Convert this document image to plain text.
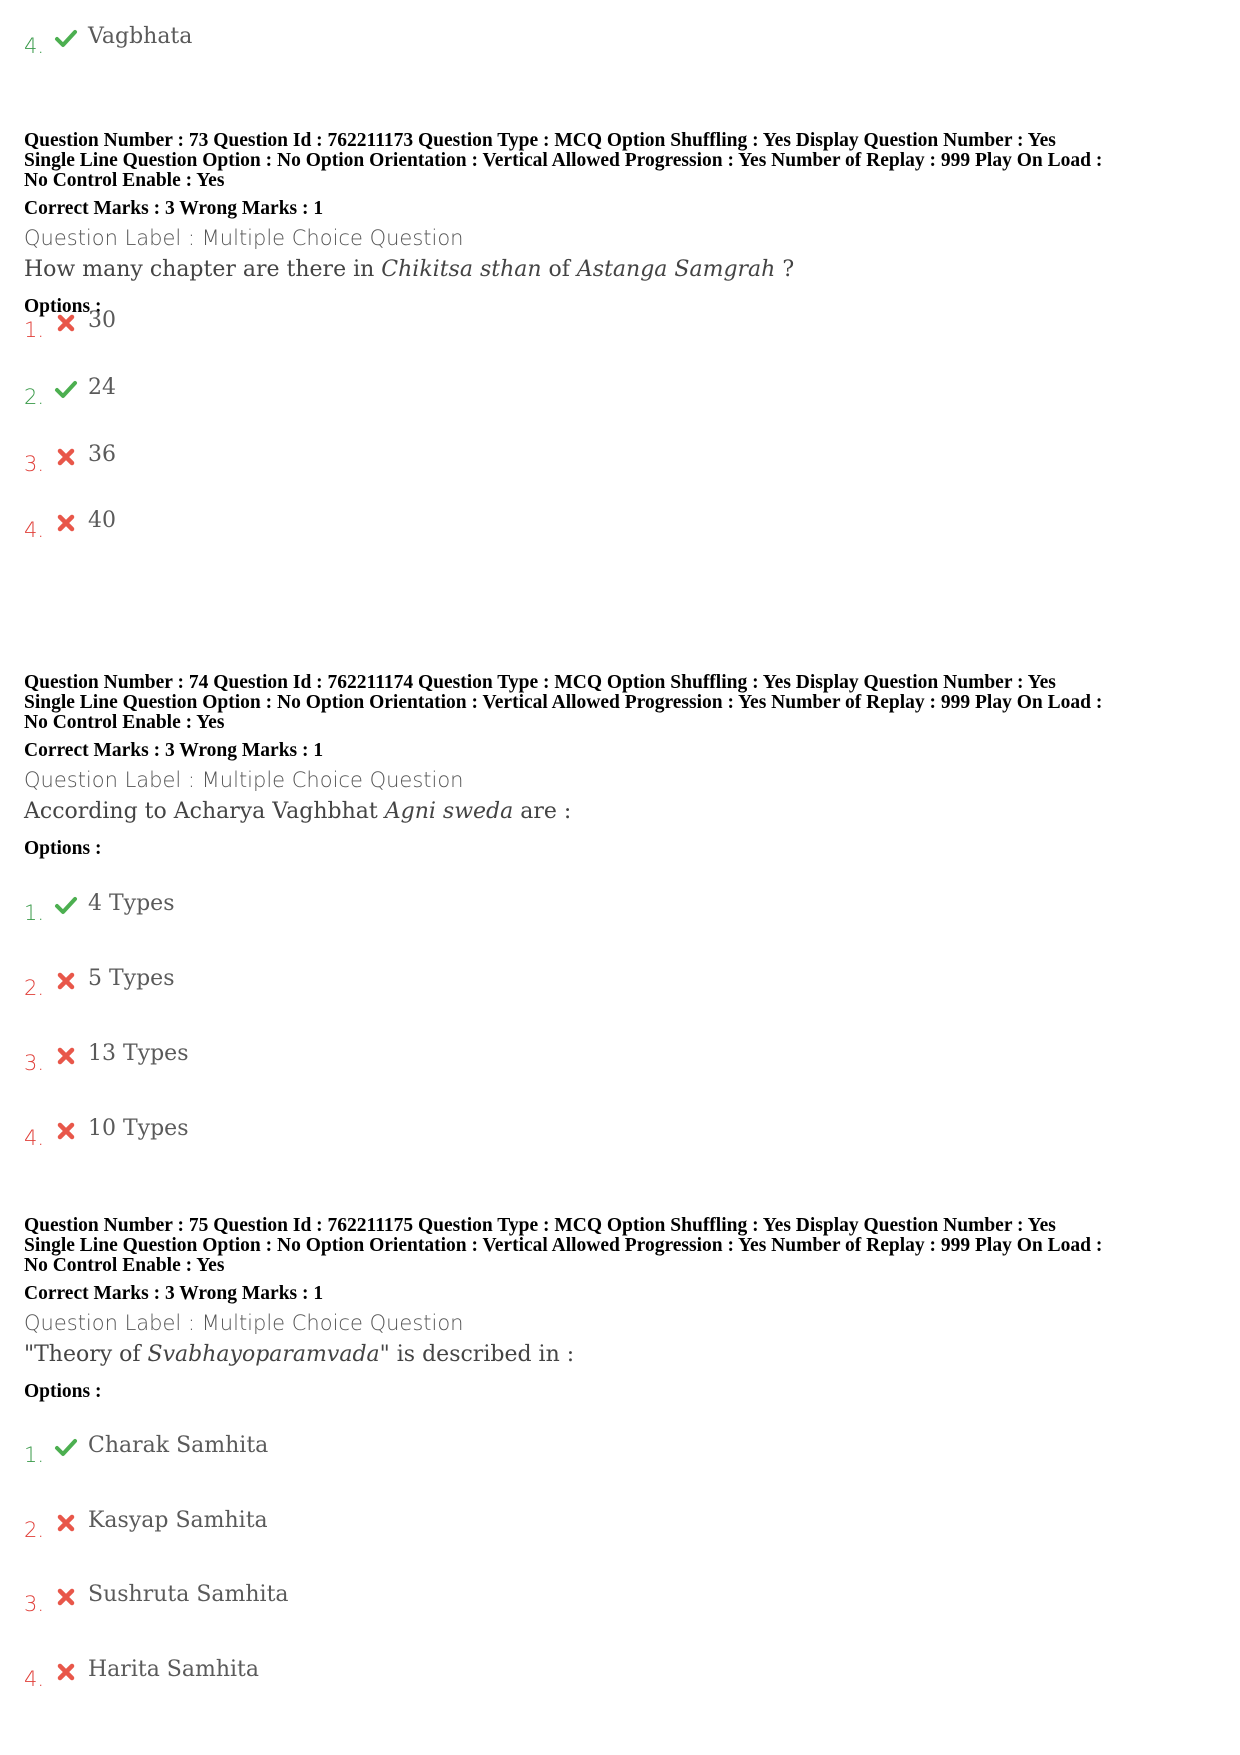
4. Vagbhata

Question Number : 73 Question Id : 762211173 Question Type : MCQ Option Shuffling : Yes Display Question Number : Yes
Single Line Question Option : No Option Orientation : Vertical Allowed Progression : Yes Number of Replay : 999 Play On Load :
No Control Enable : Yes

Correct Marks : 3 Wrong Marks : 1
Question Label : Multiple Choice Question
How many chapter are there in Chikitsa sthan of Astanga Samgrah ?
Options :
1. 30
2. 24
3. 36
4. 40

Question Number : 74 Question Id : 762211174 Question Type : MCQ Option Shuffling : Yes Display Question Number : Yes
Single Line Question Option : No Option Orientation : Vertical Allowed Progression : Yes Number of Replay : 999 Play On Load :
No Control Enable : Yes

Correct Marks : 3 Wrong Marks : 1
Question Label : Multiple Choice Question
According to Acharya Vaghbhat Agni sweda are :
Options :
1. 4 Types
2. 5 Types
3. 13 Types
4. 10 Types

Question Number : 75 Question Id : 762211175 Question Type : MCQ Option Shuffling : Yes Display Question Number : Yes
Single Line Question Option : No Option Orientation : Vertical Allowed Progression : Yes Number of Replay : 999 Play On Load :
No Control Enable : Yes

Correct Marks : 3 Wrong Marks : 1
Question Label : Multiple Choice Question
"Theory of Svabhayoparamvada" is described in :
Options :
1. Charak Samhita
2. Kasyap Samhita
3. Sushruta Samhita
4. Harita Samhita
